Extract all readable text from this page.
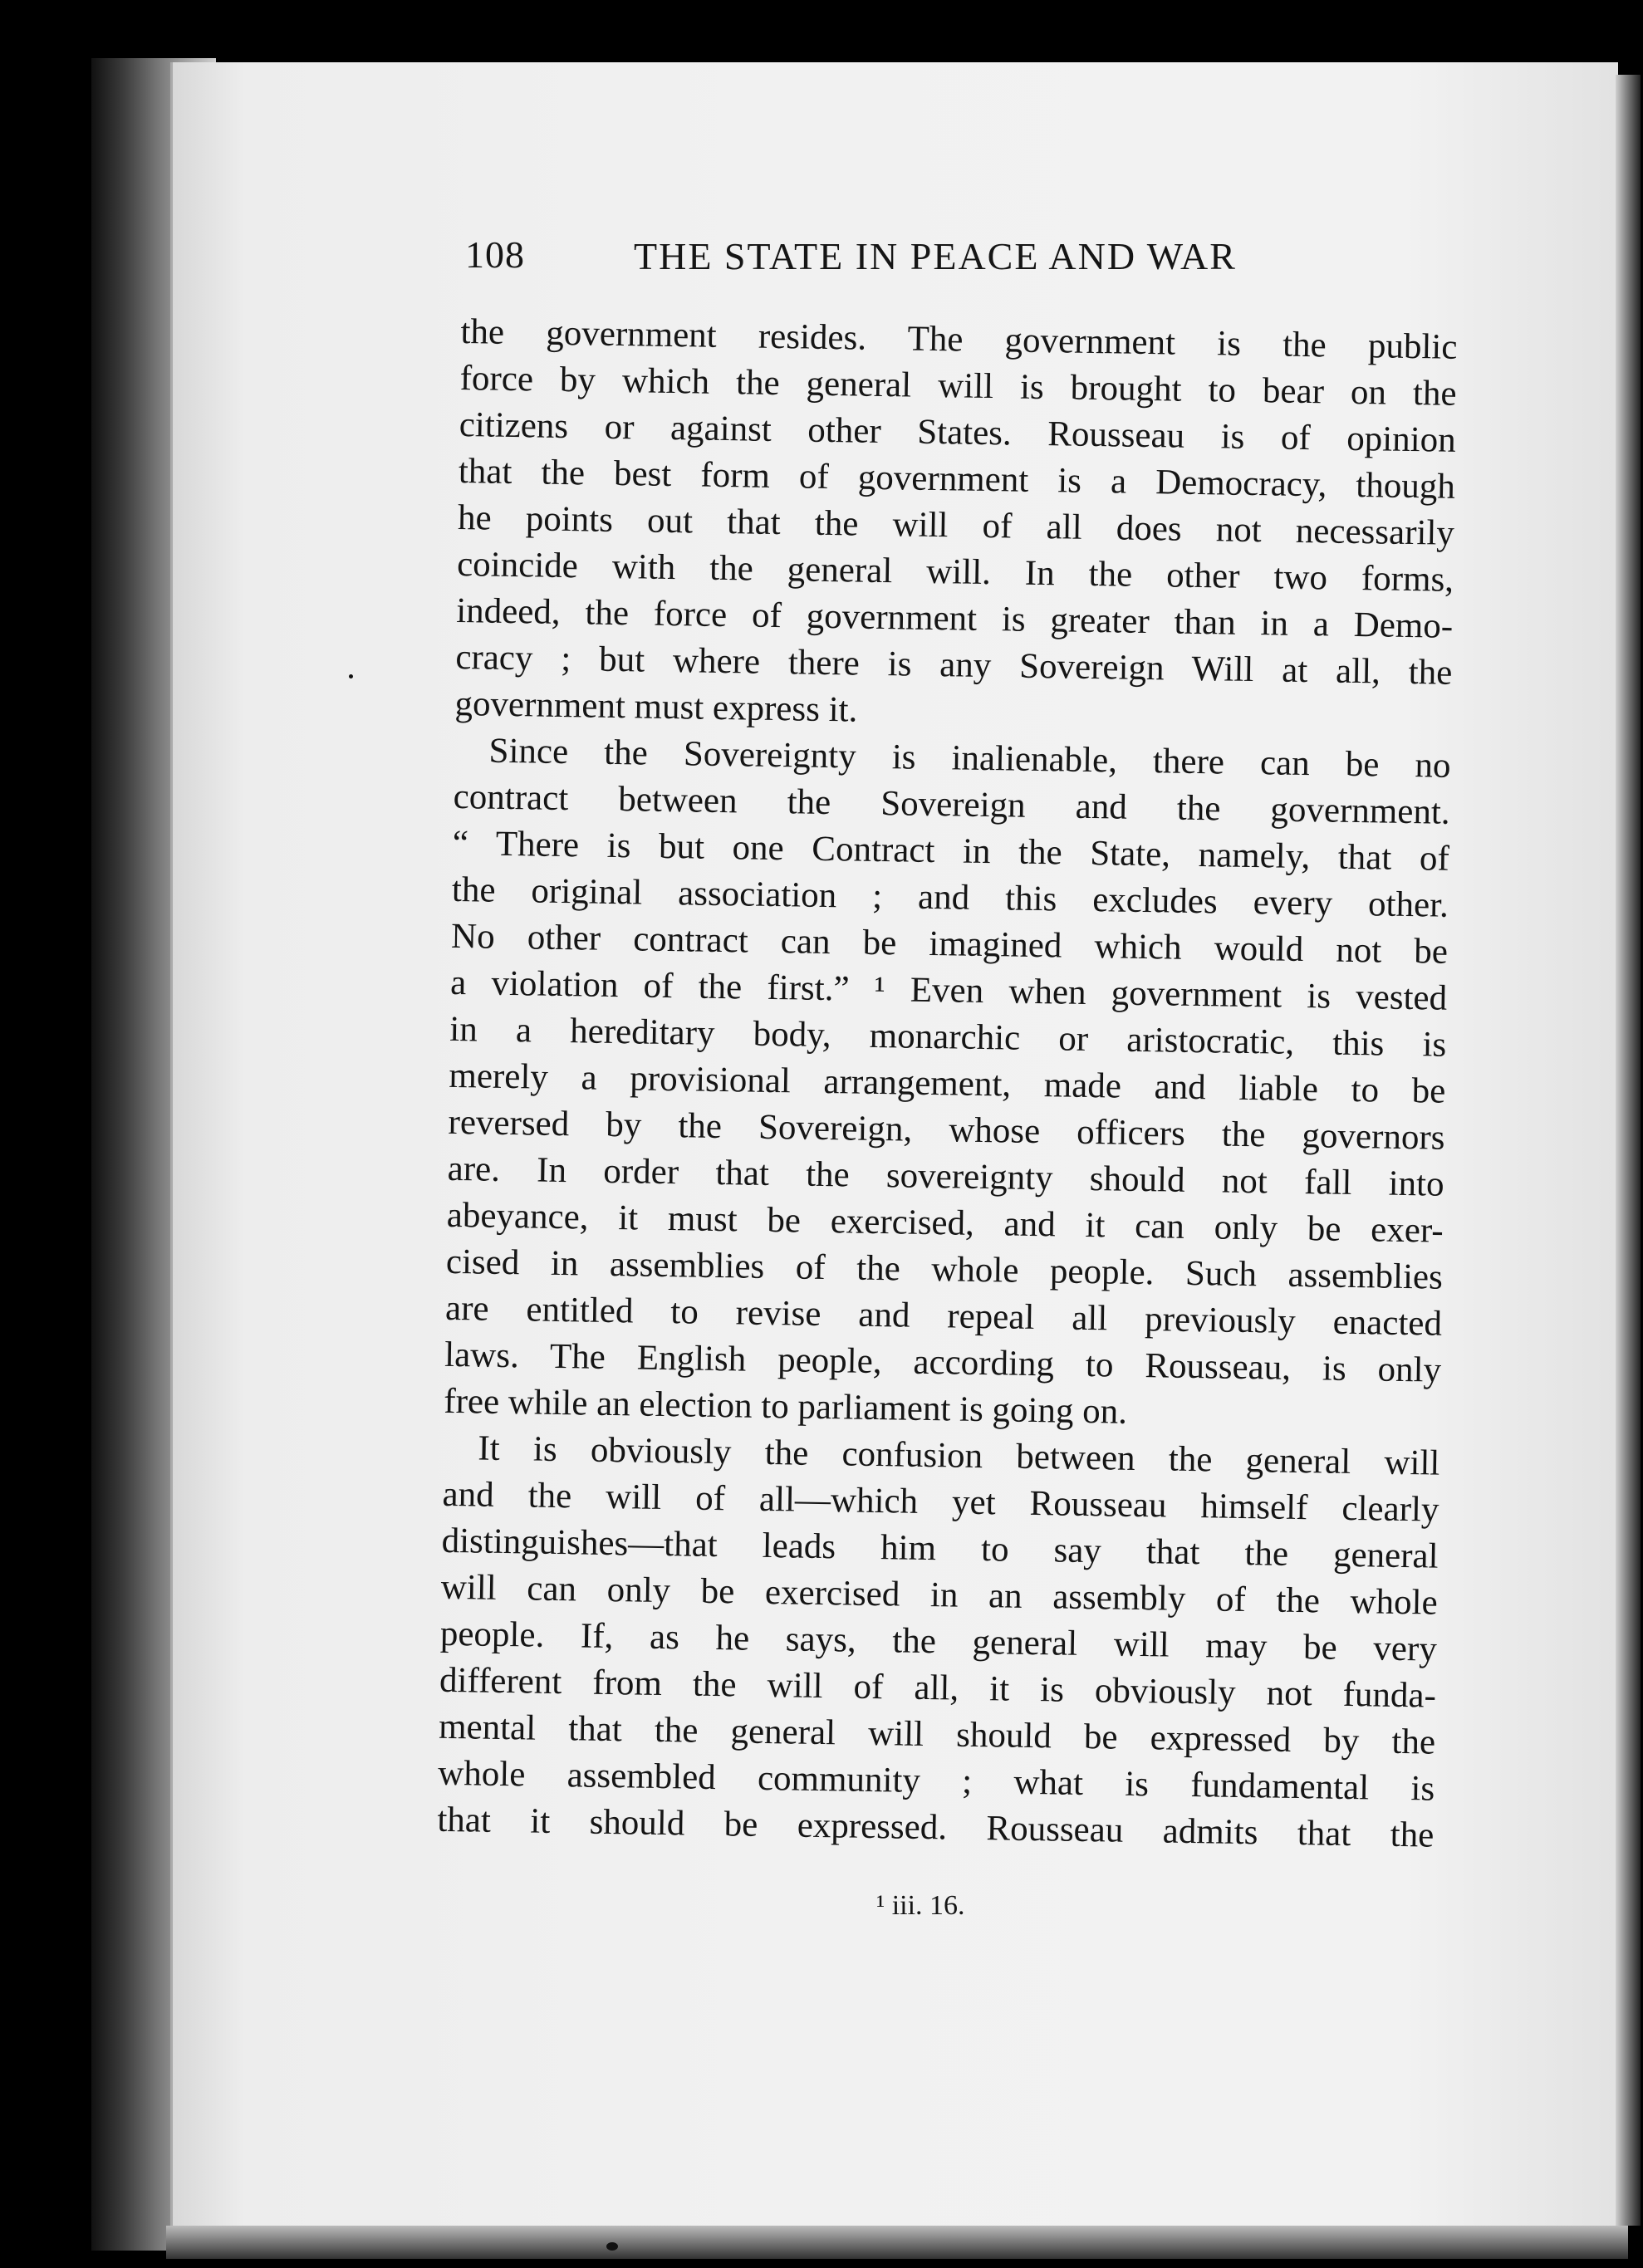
108	THE STATE IN PEACE AND WAR
the government resides. The government is the public
force by which the general will is brought to bear on the
citizens or against other States. Rousseau is of opinion
that the best form of government is a Democracy, though
he points out that the will of all does not necessarily
coincide with the general will. In the other two forms,
indeed, the force of government is greater than in a Demo-
cracy ; but where there is any Sovereign Will at all, the
government must express it.
Since the Sovereignty is inalienable, there can be no
contract between the Sovereign and the government.
“ There is but one Contract in the State, namely, that of
the original association ; and this excludes every other.
No other contract can be imagined which would not be
a violation of the first.” ¹ Even when government is vested
in a hereditary body, monarchic or aristocratic, this is
merely a provisional arrangement, made and liable to be
reversed by the Sovereign, whose officers the governors
are. In order that the sovereignty should not fall into
abeyance, it must be exercised, and it can only be exer-
cised in assemblies of the whole people. Such assemblies
are entitled to revise and repeal all previously enacted
laws. The English people, according to Rousseau, is only
free while an election to parliament is going on.
It is obviously the confusion between the general will
and the will of all—which yet Rousseau himself clearly
distinguishes—that leads him to say that the general
will can only be exercised in an assembly of the whole
people. If, as he says, the general will may be very
different from the will of all, it is obviously not funda-
mental that the general will should be expressed by the
whole assembled community ; what is fundamental is
that it should be expressed. Rousseau admits that the
¹ iii. 16.
